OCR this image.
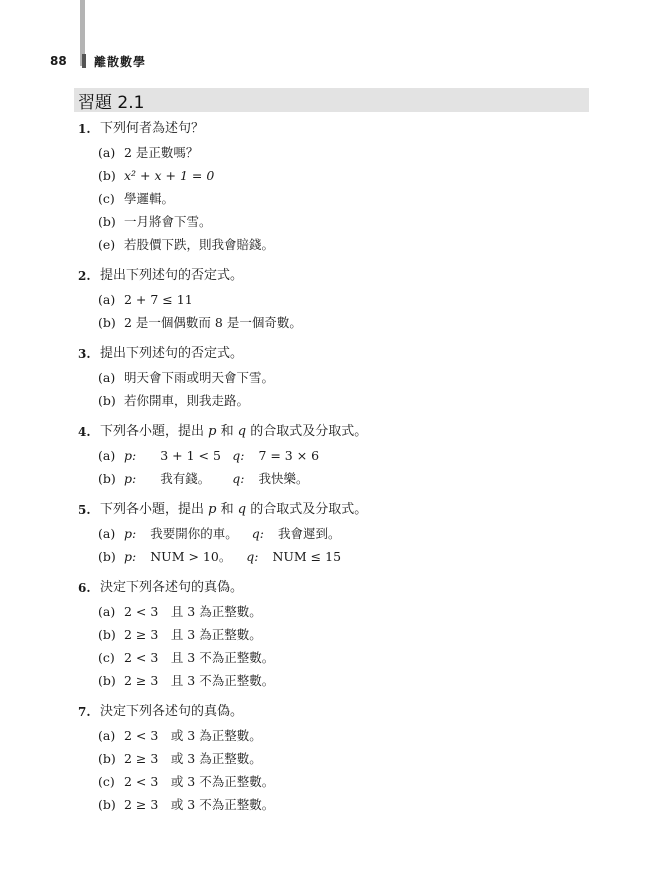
88	離散數學
習題 2.1
1. 下列何者為述句？
(a) 2 是正數嗎？
(b) x² + x + 1 = 0
(c) 學邏輯。
(b) 一月將會下雪。
(e) 若股價下跌，則我會賠錢。
2. 提出下列述句的否定式。
(a) 2 + 7 ≤ 11
(b) 2 是一個偶數而 8 是一個奇數。
3. 提出下列述句的否定式。
(a) 明天會下雨或明天會下雪。
(b) 若你開車，則我走路。
4. 下列各小題，提出
p
和
q
的合取式及分取式。
(a) p: 3 + 1 < 5 q: 7 = 3 × 6
(b) p: 我有錢。	q: 我快樂。
5. 下列各小題，提出
p
和
q
的合取式及分取式。
(a) p: 我要開你的車。 q: 我會遲到。
(b) p: NUM > 10。	q: NUM ≤ 15
6. 決定下列各述句的真偽。
(a) 2 < 3　且 3 為正整數。
(b) 2 ≥ 3　且 3 為正整數。
(c) 2 < 3　且 3 不為正整數。
(b) 2 ≥ 3　且 3 不為正整數。
7. 決定下列各述句的真偽。
(a) 2 < 3　或 3 為正整數。
(b) 2 ≥ 3　或 3 為正整數。
(c) 2 < 3　或 3 不為正整數。
(b) 2 ≥ 3　或 3 不為正整數。
